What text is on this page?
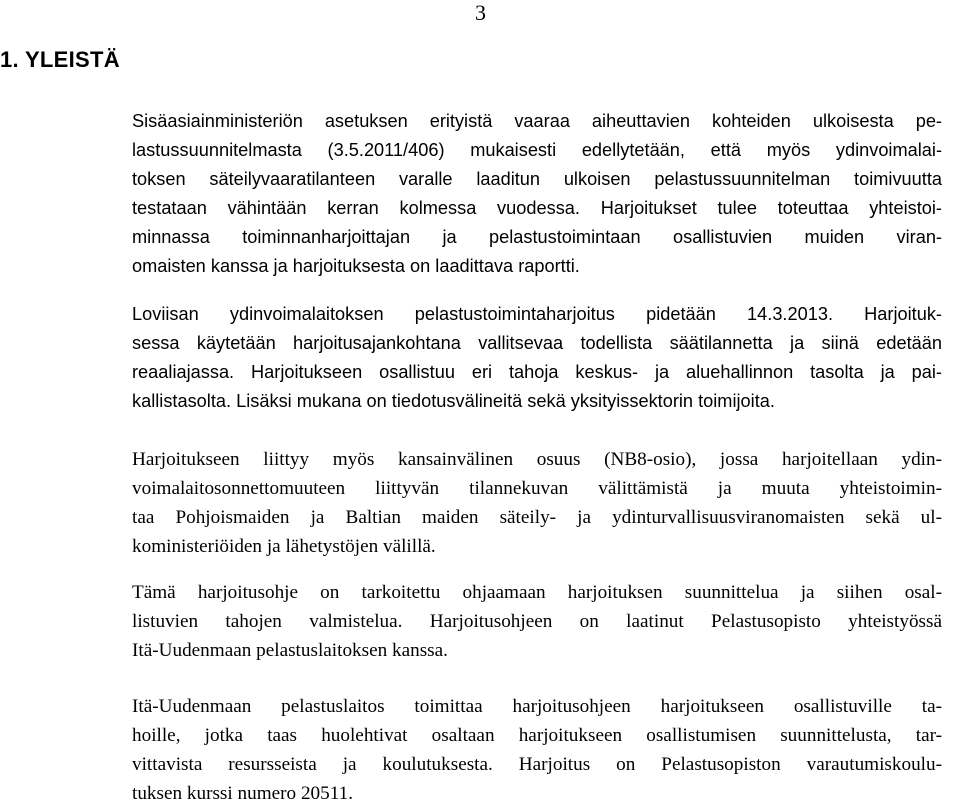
3
1. YLEISTÄ
Sisäasiainministeriön asetuksen erityistä vaaraa aiheuttavien kohteiden ulkoisesta pe-
lastussuunnitelmasta (3.5.2011/406) mukaisesti edellytetään, että myös ydinvoimalai-
toksen säteilyvaaratilanteen varalle laaditun ulkoisen pelastussuunnitelman toimivuutta
testataan vähintään kerran kolmessa vuodessa. Harjoitukset tulee toteuttaa yhteistoi-
minnassa toiminnanharjoittajan ja pelastustoimintaan osallistuvien muiden viran-
omaisten kanssa ja harjoituksesta on laadittava raportti.
Loviisan ydinvoimalaitoksen pelastustoimintaharjoitus pidetään 14.3.2013. Harjoituk-
sessa käytetään harjoitusajankohtana vallitsevaa todellista säätilannetta ja siinä edetään
reaaliajassa. Harjoitukseen osallistuu eri tahoja keskus- ja aluehallinnon tasolta ja pai-
kallistasolta. Lisäksi mukana on tiedotusvälineitä sekä yksityissektorin toimijoita.
Harjoitukseen liittyy myös kansainvälinen osuus (NB8-osio), jossa harjoitellaan ydin-
voimalaitosonnettomuuteen liittyvän tilannekuvan välittämistä ja muuta yhteistoimin-
taa Pohjoismaiden ja Baltian maiden säteily- ja ydinturvallisuusviranomaisten sekä ul-
koministeriöiden ja lähetystöjen välillä.
Tämä harjoitusohje on tarkoitettu ohjaamaan harjoituksen suunnittelua ja siihen osal-
listuvien tahojen valmistelua. Harjoitusohjeen on laatinut Pelastusopisto yhteistyössä
Itä-Uudenmaan pelastuslaitoksen kanssa.
Itä-Uudenmaan pelastuslaitos toimittaa harjoitusohjeen harjoitukseen osallistuville ta-
hoille, jotka taas huolehtivat osaltaan harjoitukseen osallistumisen suunnittelusta, tar-
vittavista resursseista ja koulutuksesta. Harjoitus on Pelastusopiston varautumiskoulu-
tuksen kurssi numero 20511.
